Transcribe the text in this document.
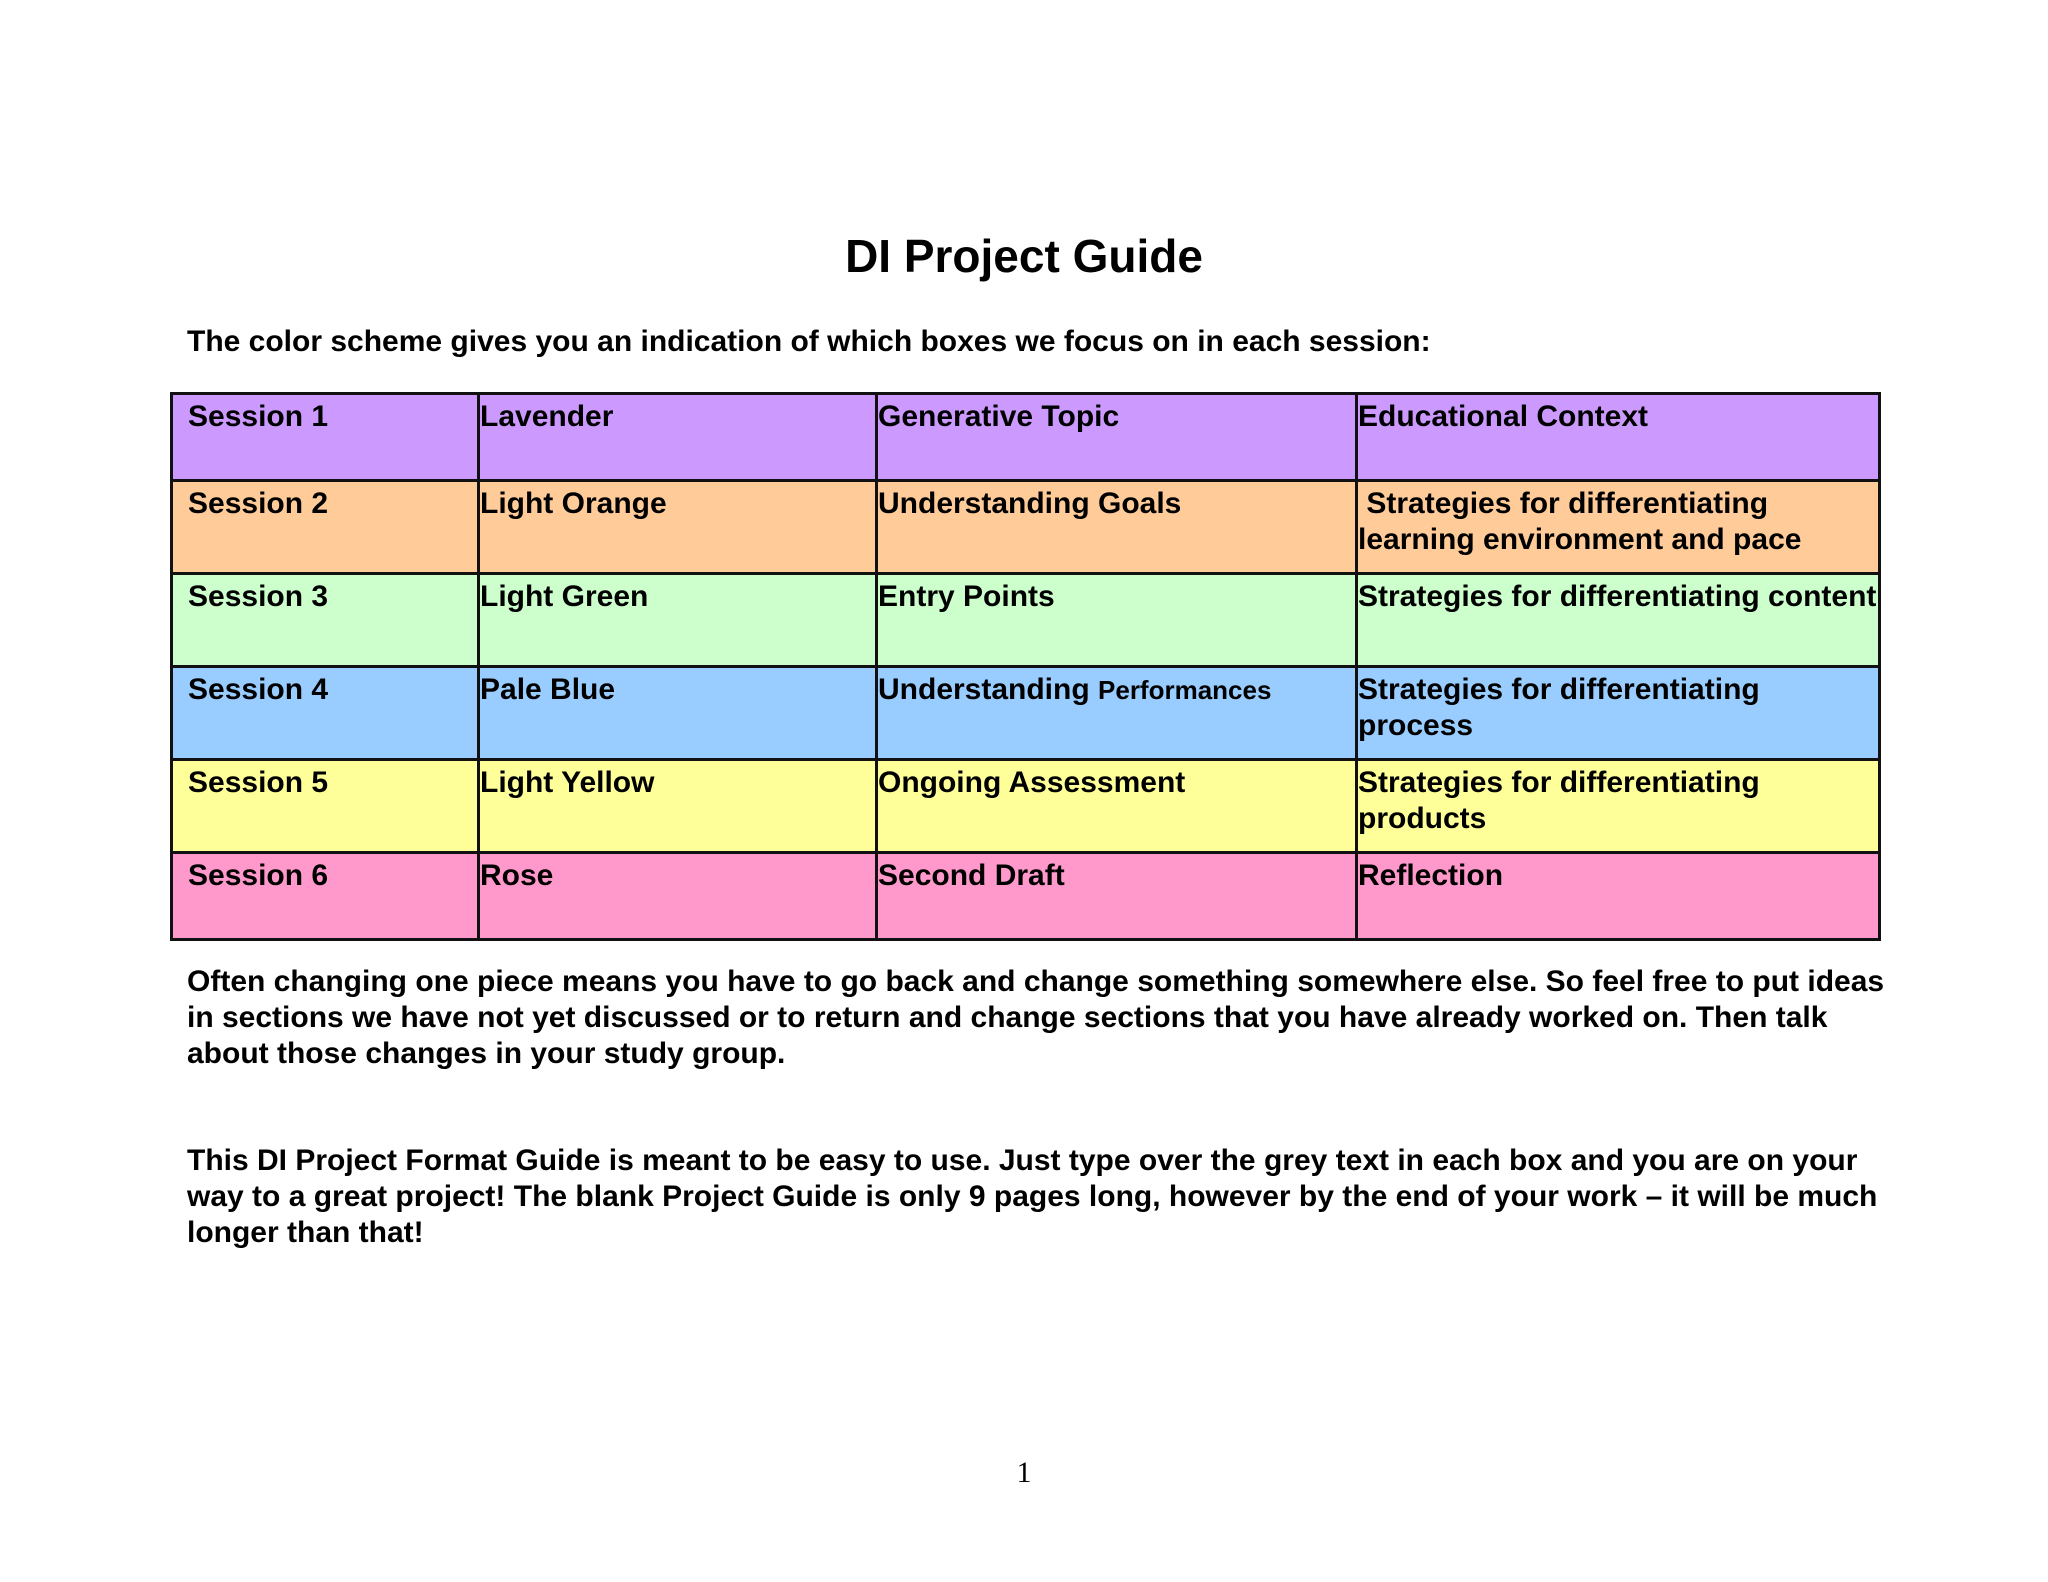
DI Project Guide

The color scheme gives you an indication of which boxes we focus on in each session:

Session 1	Lavender	Generative Topic	Educational Context
Session 2	Light Orange	Understanding Goals	Strategies for differentiating learning environment and pace
Session 3	Light Green	Entry Points	Strategies for differentiating content
Session 4	Pale Blue	Understanding Performances	Strategies for differentiating process
Session 5	Light Yellow	Ongoing Assessment	Strategies for differentiating products
Session 6	Rose	Second Draft	Reflection

Often changing one piece means you have to go back and change something somewhere else. So feel free to put ideas in sections we have not yet discussed or to return and change sections that you have already worked on. Then talk about those changes in your study group.

This DI Project Format Guide is meant to be easy to use. Just type over the grey text in each box and you are on your way to a great project! The blank Project Guide is only 9 pages long, however by the end of your work – it will be much longer than that!

1
